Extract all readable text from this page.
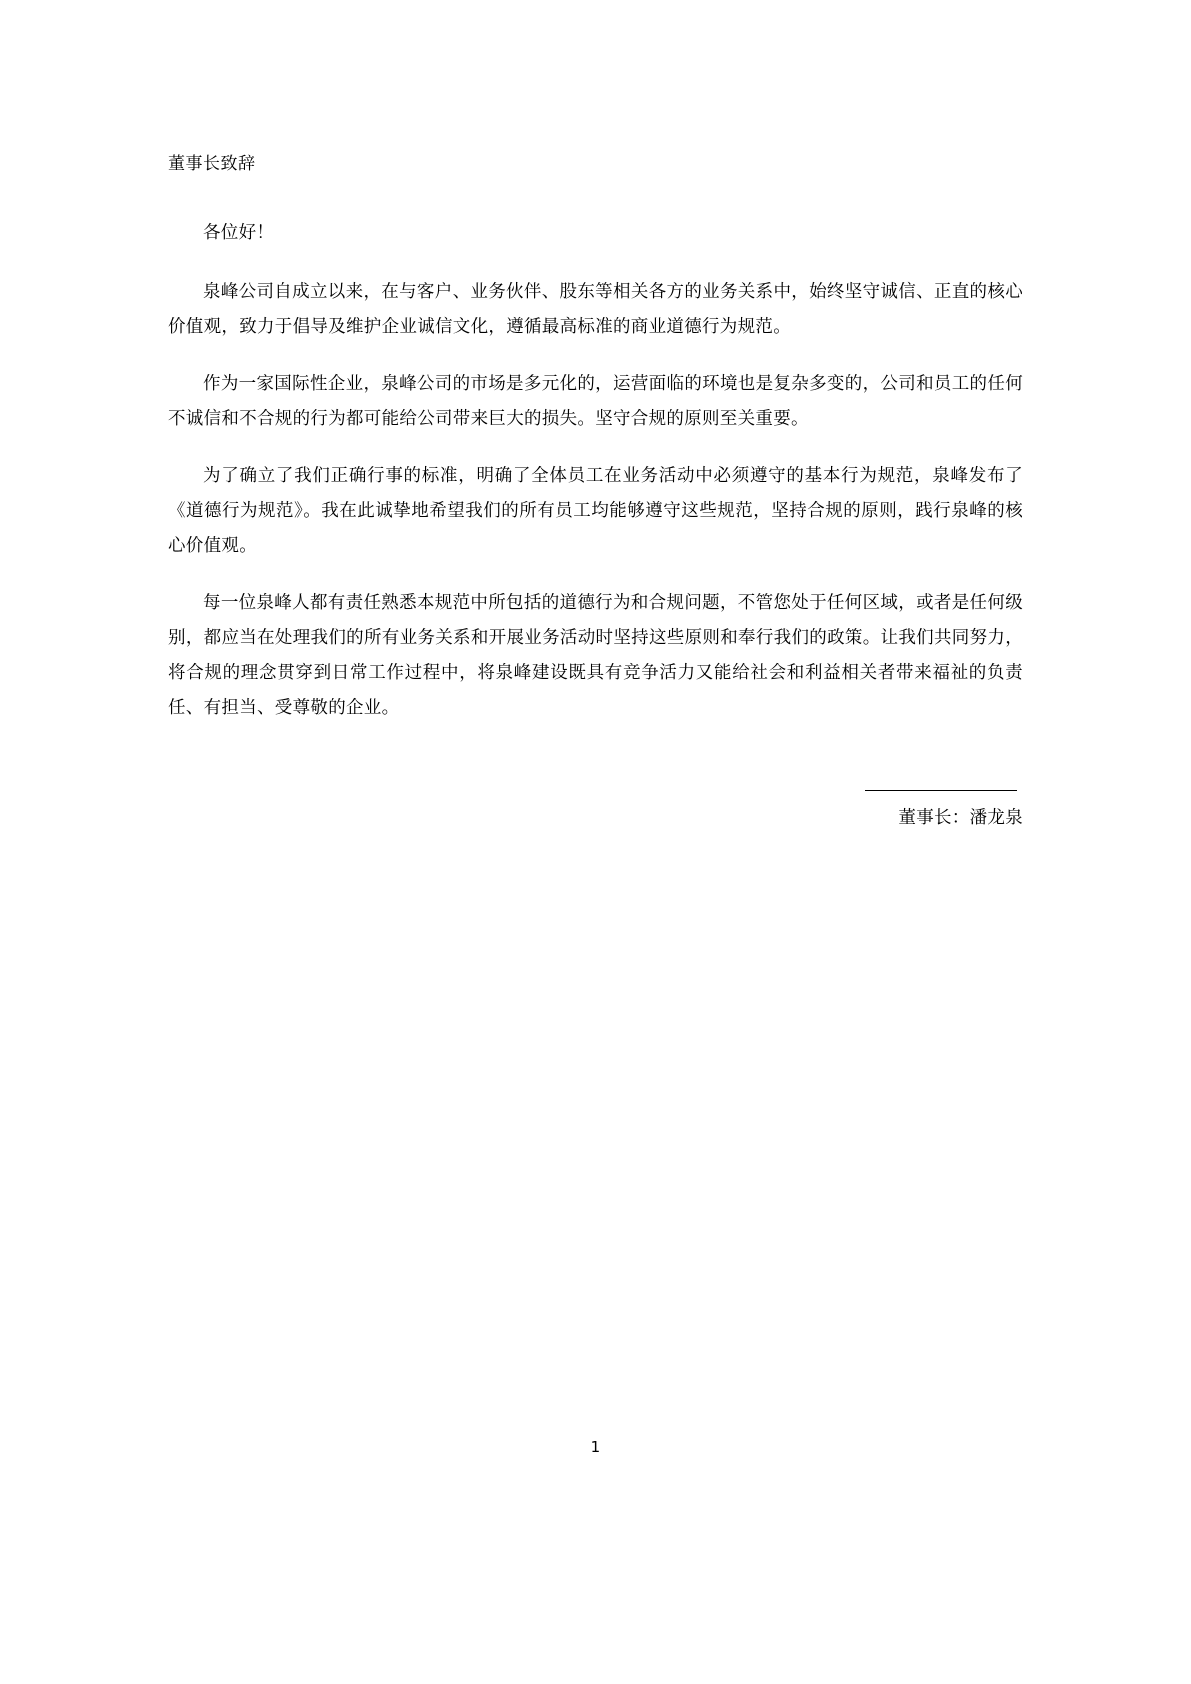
董事长致辞

各位好！

泉峰公司自成立以来，在与客户、业务伙伴、股东等相关各方的业务关系中，始终坚守诚信、正直的核心价值观，致力于倡导及维护企业诚信文化，遵循最高标准的商业道德行为规范。

作为一家国际性企业，泉峰公司的市场是多元化的，运营面临的环境也是复杂多变的，公司和员工的任何不诚信和不合规的行为都可能给公司带来巨大的损失。坚守合规的原则至关重要。

为了确立了我们正确行事的标准，明确了全体员工在业务活动中必须遵守的基本行为规范，泉峰发布了《道德行为规范》。我在此诚挚地希望我们的所有员工均能够遵守这些规范，坚持合规的原则，践行泉峰的核心价值观。

每一位泉峰人都有责任熟悉本规范中所包括的道德行为和合规问题，不管您处于任何区域，或者是任何级别，都应当在处理我们的所有业务关系和开展业务活动时坚持这些原则和奉行我们的政策。让我们共同努力，将合规的理念贯穿到日常工作过程中，将泉峰建设既具有竞争活力又能给社会和利益相关者带来福祉的负责任、有担当、受尊敬的企业。

董事长：潘龙泉
1
